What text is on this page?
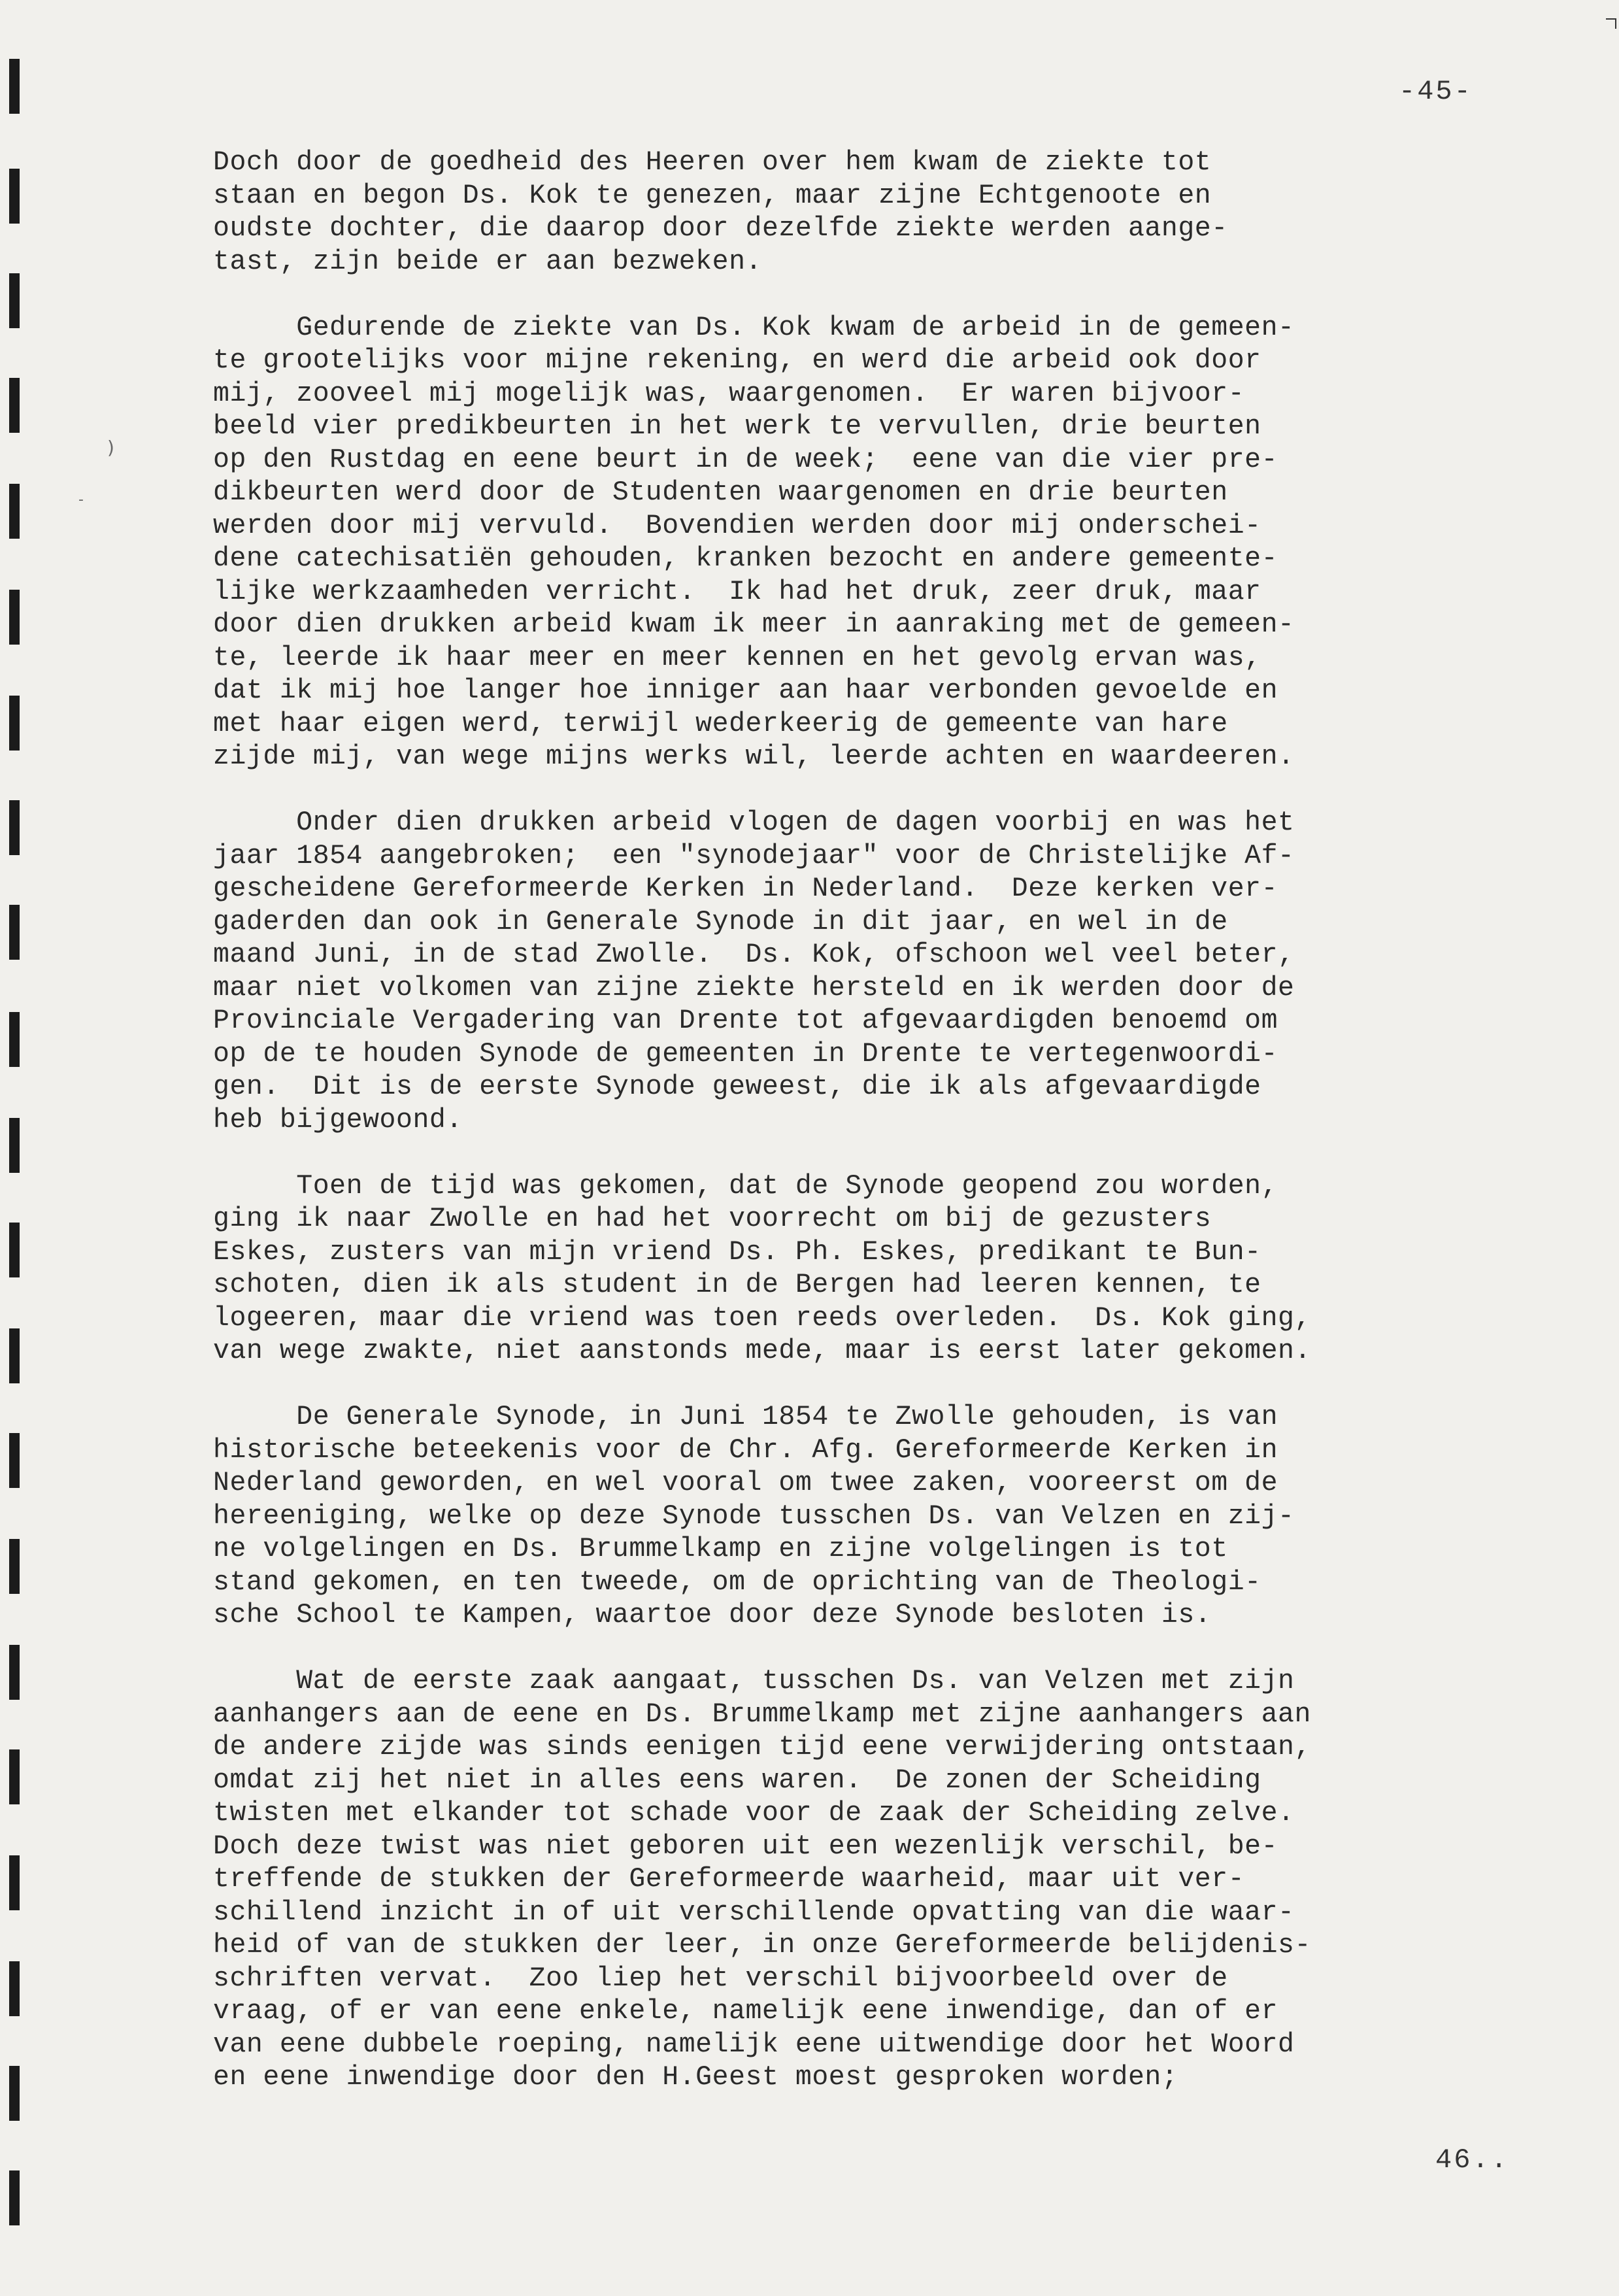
)
-
-45-
Doch door de goedheid des Heeren over hem kwam de ziekte tot
staan en begon Ds. Kok te genezen, maar zijne Echtgenoote en
oudste dochter, die daarop door dezelfde ziekte werden aange-
tast, zijn beide er aan bezweken.
Gedurende de ziekte van Ds. Kok kwam de arbeid in de gemeen-
te grootelijks voor mijne rekening, en werd die arbeid ook door
mij, zooveel mij mogelijk was, waargenomen.  Er waren bijvoor-
beeld vier predikbeurten in het werk te vervullen, drie beurten
op den Rustdag en eene beurt in de week;  eene van die vier pre-
dikbeurten werd door de Studenten waargenomen en drie beurten
werden door mij vervuld.  Bovendien werden door mij onderschei-
dene catechisatiën gehouden, kranken bezocht en andere gemeente-
lijke werkzaamheden verricht.  Ik had het druk, zeer druk, maar
door dien drukken arbeid kwam ik meer in aanraking met de gemeen-
te, leerde ik haar meer en meer kennen en het gevolg ervan was,
dat ik mij hoe langer hoe inniger aan haar verbonden gevoelde en
met haar eigen werd, terwijl wederkeerig de gemeente van hare
zijde mij, van wege mijns werks wil, leerde achten en waardeeren.
Onder dien drukken arbeid vlogen de dagen voorbij en was het
jaar 1854 aangebroken;  een "synodejaar" voor de Christelijke Af-
gescheidene Gereformeerde Kerken in Nederland.  Deze kerken ver-
gaderden dan ook in Generale Synode in dit jaar, en wel in de
maand Juni, in de stad Zwolle.  Ds. Kok, ofschoon wel veel beter,
maar niet volkomen van zijne ziekte hersteld en ik werden door de
Provinciale Vergadering van Drente tot afgevaardigden benoemd om
op de te houden Synode de gemeenten in Drente te vertegenwoordi-
gen.  Dit is de eerste Synode geweest, die ik als afgevaardigde
heb bijgewoond.
Toen de tijd was gekomen, dat de Synode geopend zou worden,
ging ik naar Zwolle en had het voorrecht om bij de gezusters
Eskes, zusters van mijn vriend Ds. Ph. Eskes, predikant te Bun-
schoten, dien ik als student in de Bergen had leeren kennen, te
logeeren, maar die vriend was toen reeds overleden.  Ds. Kok ging,
van wege zwakte, niet aanstonds mede, maar is eerst later gekomen.
De Generale Synode, in Juni 1854 te Zwolle gehouden, is van
historische beteekenis voor de Chr. Afg. Gereformeerde Kerken in
Nederland geworden, en wel vooral om twee zaken, vooreerst om de
hereeniging, welke op deze Synode tusschen Ds. van Velzen en zij-
ne volgelingen en Ds. Brummelkamp en zijne volgelingen is tot
stand gekomen, en ten tweede, om de oprichting van de Theologi-
sche School te Kampen, waartoe door deze Synode besloten is.
Wat de eerste zaak aangaat, tusschen Ds. van Velzen met zijn
aanhangers aan de eene en Ds. Brummelkamp met zijne aanhangers aan
de andere zijde was sinds eenigen tijd eene verwijdering ontstaan,
omdat zij het niet in alles eens waren.  De zonen der Scheiding
twisten met elkander tot schade voor de zaak der Scheiding zelve.
Doch deze twist was niet geboren uit een wezenlijk verschil, be-
treffende de stukken der Gereformeerde waarheid, maar uit ver-
schillend inzicht in of uit verschillende opvatting van die waar-
heid of van de stukken der leer, in onze Gereformeerde belijdenis-
schriften vervat.  Zoo liep het verschil bijvoorbeeld over de
vraag, of er van eene enkele, namelijk eene inwendige, dan of er
van eene dubbele roeping, namelijk eene uitwendige door het Woord
en eene inwendige door den H.Geest moest gesproken worden;
46..
